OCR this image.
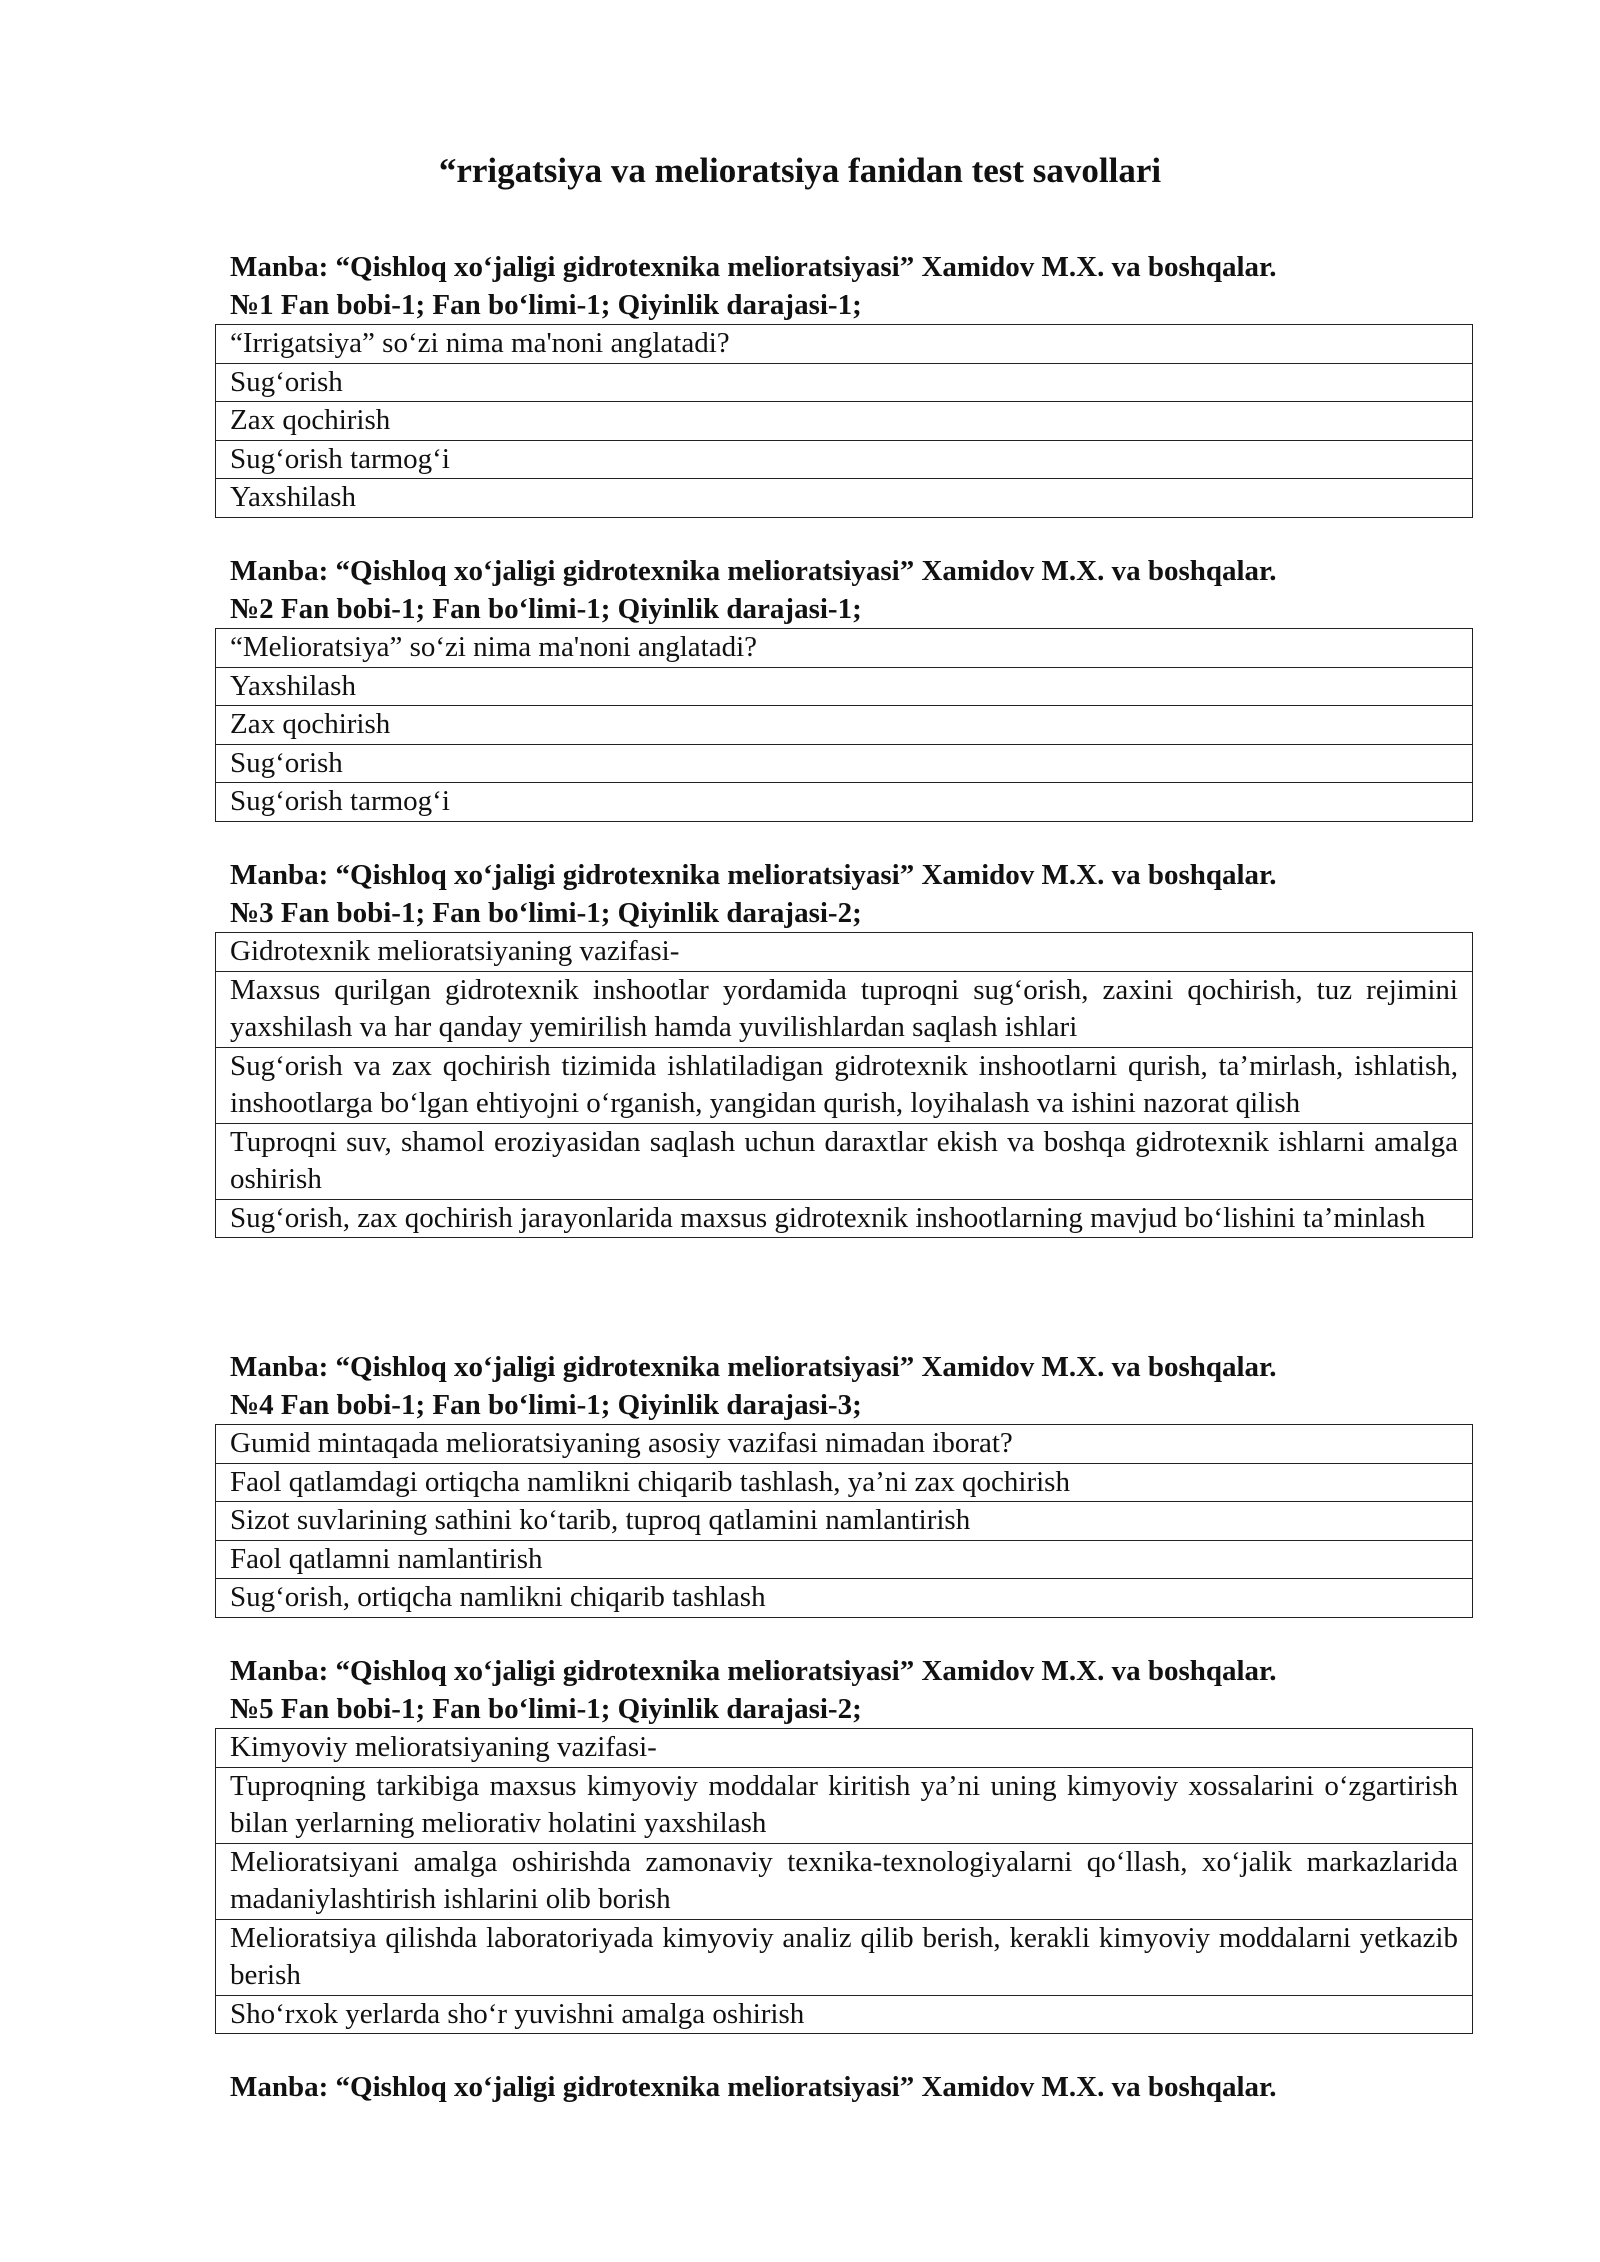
“rrigatsiya va melioratsiya fanidan test savollari
Manba: “Qishloq xo‘jaligi gidrotexnika melioratsiyasi” Xamidov M.X. va boshqalar.
№1 Fan bobi-1; Fan bo‘limi-1; Qiyinlik darajasi-1;
“Irrigatsiya” so‘zi nima ma'noni anglatadi?
Sug‘orish
Zax qochirish
Sug‘orish tarmog‘i
Yaxshilash
Manba: “Qishloq xo‘jaligi gidrotexnika melioratsiyasi” Xamidov M.X. va boshqalar.
№2 Fan bobi-1; Fan bo‘limi-1; Qiyinlik darajasi-1;
“Melioratsiya” so‘zi nima ma'noni anglatadi?
Yaxshilash
Zax qochirish
Sug‘orish
Sug‘orish tarmog‘i
Manba: “Qishloq xo‘jaligi gidrotexnika melioratsiyasi” Xamidov M.X. va boshqalar.
№3 Fan bobi-1; Fan bo‘limi-1; Qiyinlik darajasi-2;
Gidrotexnik melioratsiyaning vazifasi-
Maxsus qurilgan gidrotexnik inshootlar yordamida tuproqni sug‘orish, zaxini qochirish, tuz rejimini yaxshilash va har qanday yemirilish hamda yuvilishlardan saqlash ishlari
Sug‘orish va zax qochirish tizimida ishlatiladigan gidrotexnik inshootlarni qurish, ta’mirlash, ishlatish, inshootlarga bo‘lgan ehtiyojni o‘rganish, yangidan qurish, loyihalash va ishini nazorat qilish
Tuproqni suv, shamol eroziyasidan saqlash uchun daraxtlar ekish va boshqa gidrotexnik ishlarni amalga oshirish
Sug‘orish, zax qochirish jarayonlarida maxsus gidrotexnik inshootlarning mavjud bo‘lishini ta’minlash
Manba: “Qishloq xo‘jaligi gidrotexnika melioratsiyasi” Xamidov M.X. va boshqalar.
№4 Fan bobi-1; Fan bo‘limi-1; Qiyinlik darajasi-3;
Gumid mintaqada melioratsiyaning asosiy vazifasi nimadan iborat?
Faol qatlamdagi ortiqcha namlikni chiqarib tashlash, ya’ni zax qochirish
Sizot suvlarining sathini ko‘tarib, tuproq qatlamini namlantirish
Faol qatlamni namlantirish
Sug‘orish, ortiqcha namlikni chiqarib tashlash
Manba: “Qishloq xo‘jaligi gidrotexnika melioratsiyasi” Xamidov M.X. va boshqalar.
№5 Fan bobi-1; Fan bo‘limi-1; Qiyinlik darajasi-2;
Kimyoviy melioratsiyaning vazifasi-
Tuproqning tarkibiga maxsus kimyoviy moddalar kiritish ya’ni uning kimyoviy xossalarini o‘zgartirish bilan yerlarning meliorativ holatini yaxshilash
Melioratsiyani amalga oshirishda zamonaviy texnika-texnologiyalarni qo‘llash, xo‘jalik markazlarida madaniylashtirish ishlarini olib borish
Melioratsiya qilishda laboratoriyada kimyoviy analiz qilib berish, kerakli kimyoviy moddalarni yetkazib berish
Sho‘rxok yerlarda sho‘r yuvishni amalga oshirish
Manba: “Qishloq xo‘jaligi gidrotexnika melioratsiyasi” Xamidov M.X. va boshqalar.
